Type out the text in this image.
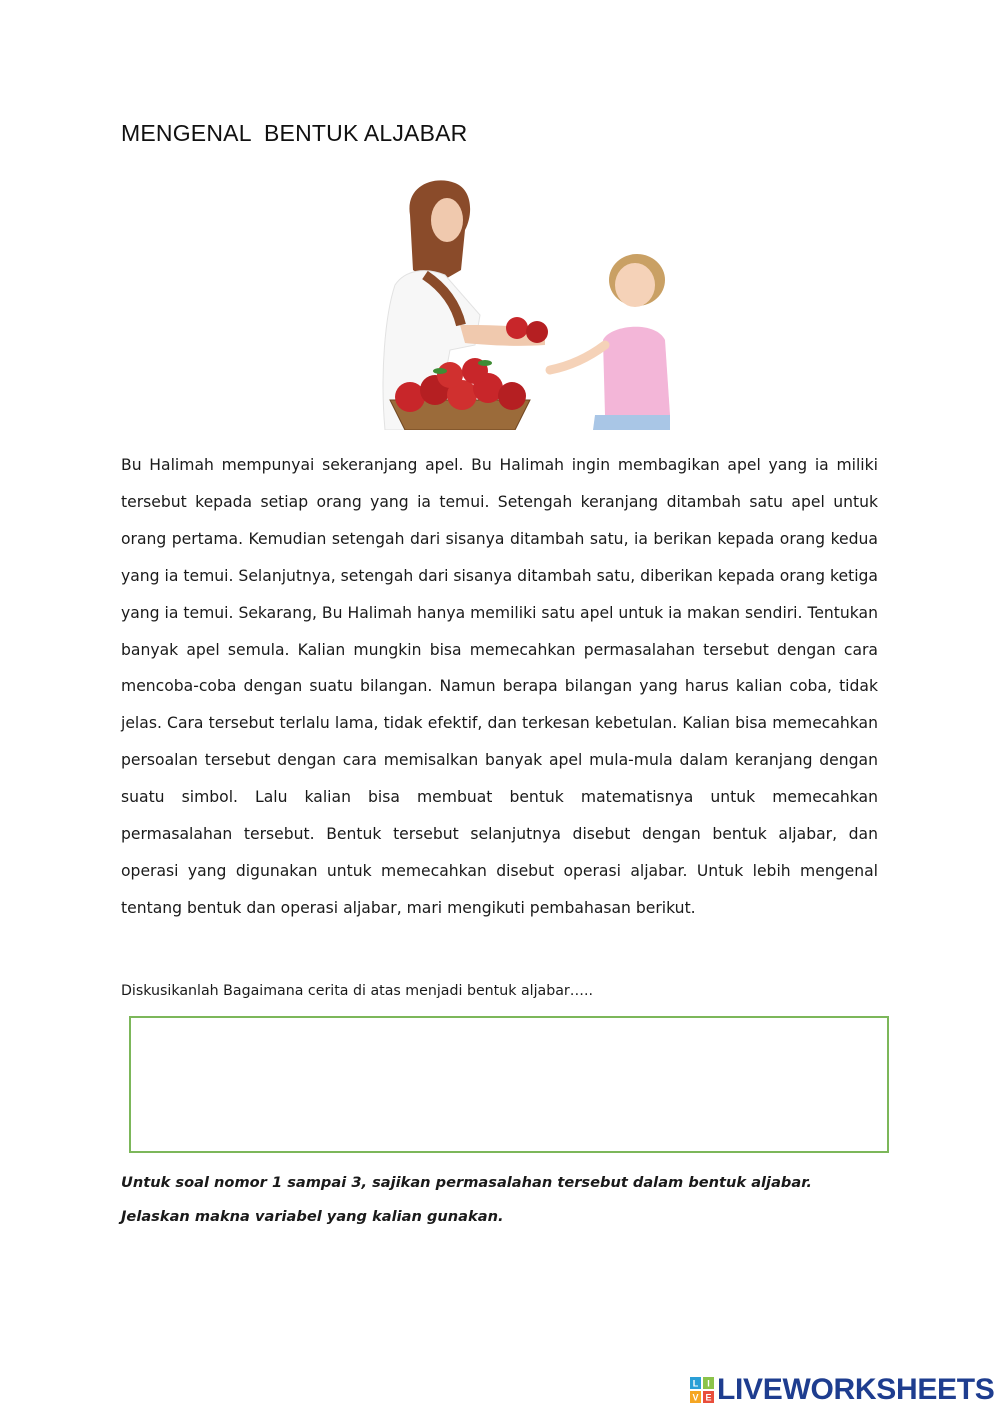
MENGENAL  BENTUK ALJABAR

Bu Halimah mempunyai sekeranjang apel. Bu Halimah ingin membagikan apel yang ia miliki tersebut kepada setiap orang yang ia temui. Setengah keranjang ditambah satu apel untuk orang pertama. Kemudian setengah dari sisanya ditambah satu, ia berikan kepada orang kedua yang ia temui. Selanjutnya, setengah dari sisanya ditambah satu, diberikan kepada orang ketiga yang ia temui. Sekarang, Bu Halimah hanya memiliki satu apel untuk ia makan sendiri. Tentukan banyak apel semula. Kalian mungkin bisa memecahkan permasalahan tersebut dengan cara mencoba-coba dengan suatu bilangan. Namun berapa bilangan yang harus kalian coba, tidak jelas. Cara tersebut terlalu lama, tidak efektif, dan terkesan kebetulan. Kalian bisa memecahkan persoalan tersebut dengan cara memisalkan banyak apel mula-mula dalam keranjang dengan suatu simbol. Lalu kalian bisa membuat bentuk matematisnya untuk memecahkan permasalahan tersebut. Bentuk tersebut selanjutnya disebut dengan bentuk aljabar, dan operasi yang digunakan untuk memecahkan disebut operasi aljabar. Untuk lebih mengenal tentang bentuk dan operasi aljabar, mari mengikuti pembahasan berikut.

Diskusikanlah Bagaimana cerita di atas menjadi bentuk aljabar…..

Untuk soal nomor 1 sampai 3, sajikan permasalahan tersebut dalam bentuk aljabar. Jelaskan makna variabel yang kalian gunakan.

L I
V E LIVEWORKSHEETS
